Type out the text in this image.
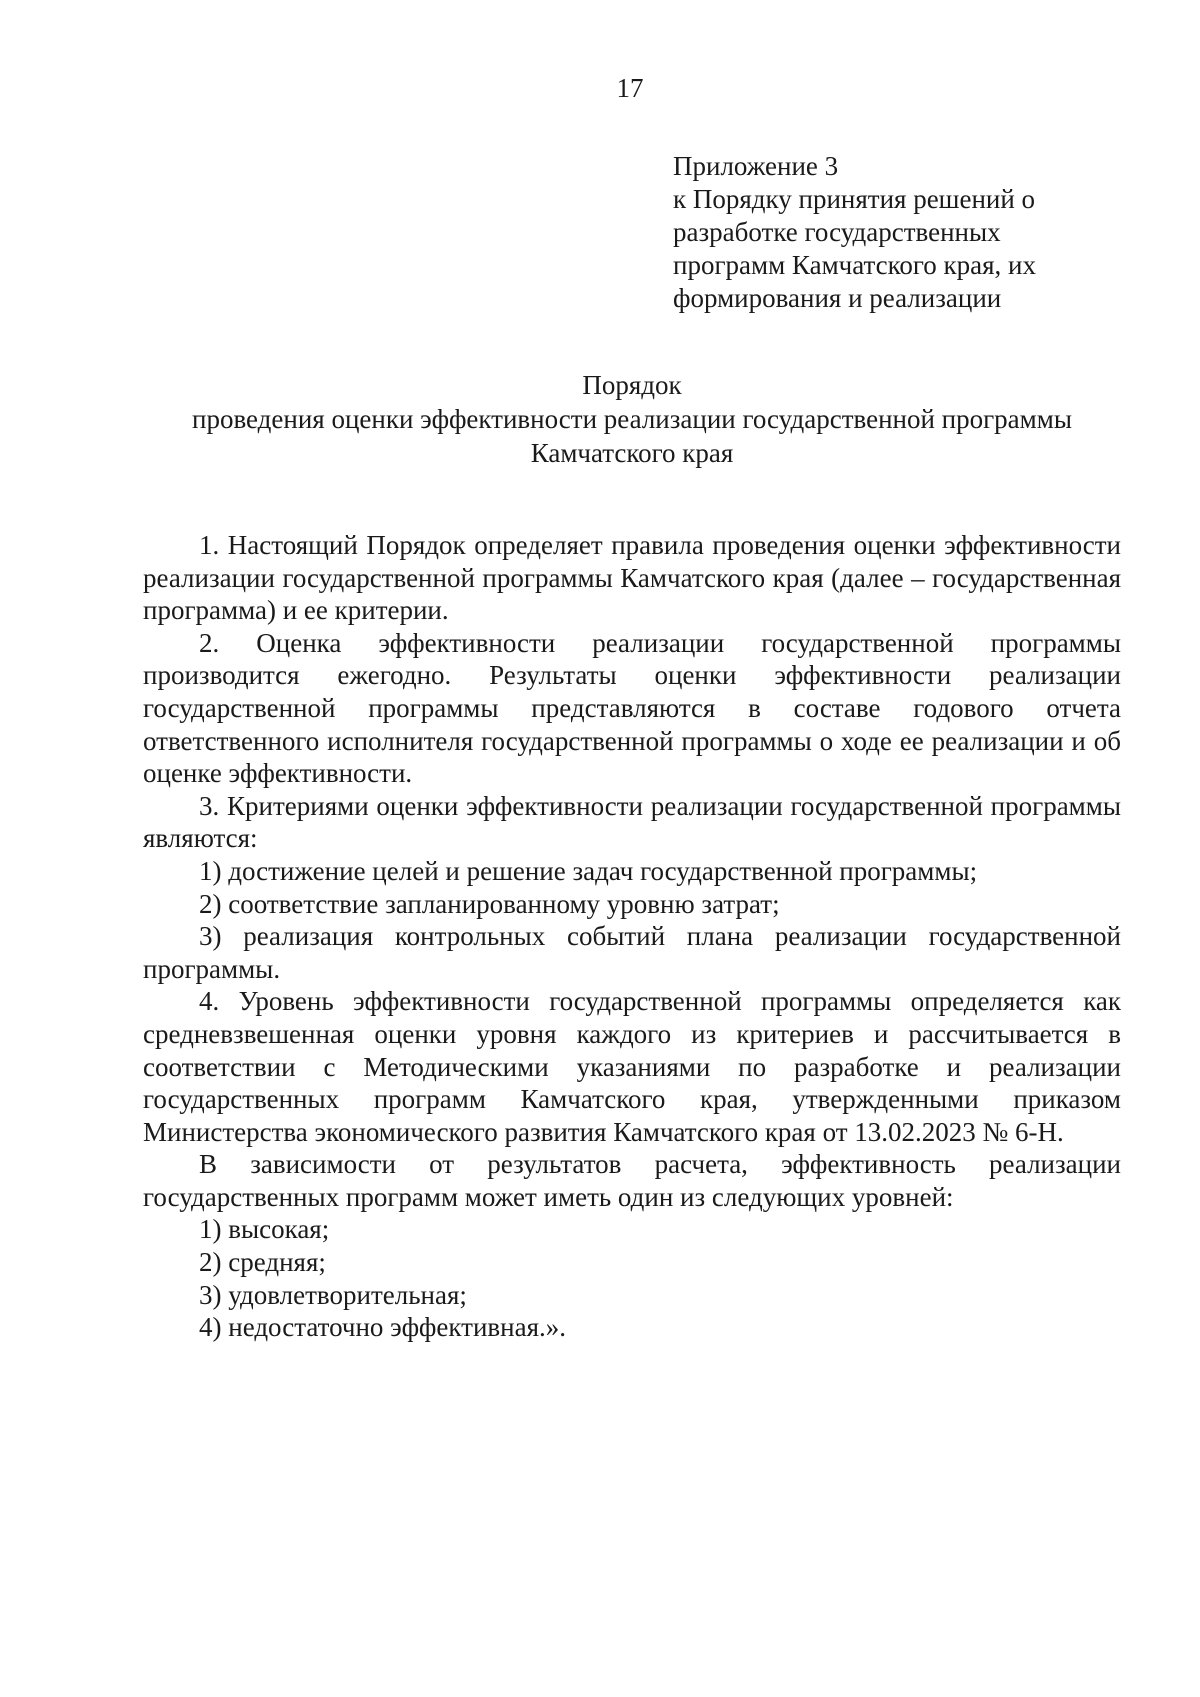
17
Приложение 3
к Порядку принятия решений о
разработке государственных
программ Камчатского края, их
формирования и реализации
Порядок
проведения оценки эффективности реализации государственной программы
Камчатского края

1. Настоящий Порядок определяет правила проведения оценки эффективности реализации государственной программы Камчатского края (далее – государственная программа) и ее критерии.

2. Оценка эффективности реализации государственной программы производится ежегодно. Результаты оценки эффективности реализации государственной программы представляются в составе годового отчета ответственного исполнителя государственной программы о ходе ее реализации и об оценке эффективности.

3. Критериями оценки эффективности реализации государственной программы являются:

1) достижение целей и решение задач государственной программы;

2) соответствие запланированному уровню затрат;

3) реализация контрольных событий плана реализации государственной программы.

4. Уровень эффективности государственной программы определяется как средневзвешенная оценки уровня каждого из критериев и рассчитывается в соответствии с Методическими указаниями по разработке и реализации государственных программ Камчатского края, утвержденными приказом Министерства экономического развития Камчатского края от 13.02.2023 № 6-Н.

В зависимости от результатов расчета, эффективность реализации государственных программ может иметь один из следующих уровней:

1) высокая;

2) средняя;

3) удовлетворительная;

4) недостаточно эффективная.».
